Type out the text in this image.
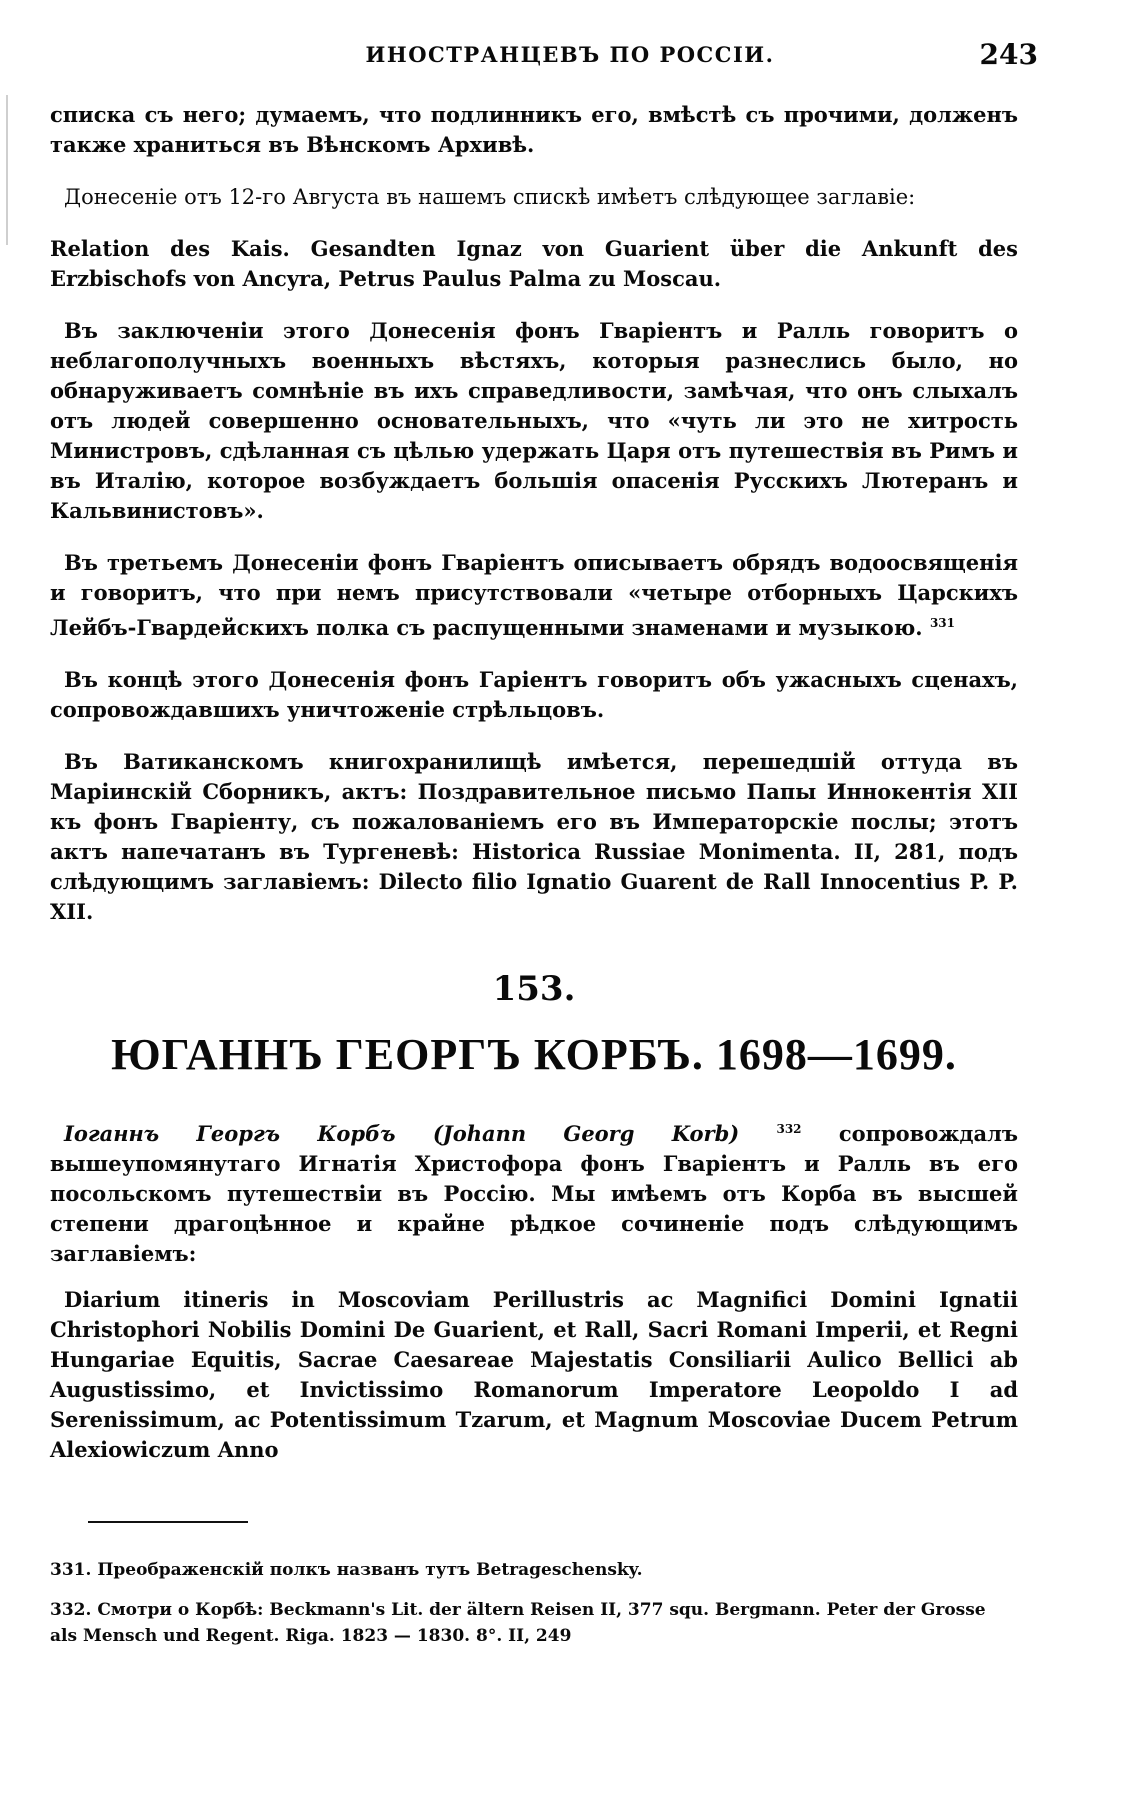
ИНОСТРАНЦЕВЪ ПО РОССІИ.	243

списка съ него; думаемъ, что подлинникъ его, вмѣстѣ съ прочими, долженъ также храниться въ Вѣнскомъ Архивѣ.

Донесеніе отъ 12-го Августа въ нашемъ спискѣ имѣетъ слѣдующее заглавіе:

Relation des Kais. Gesandten Ignaz von Guarient über die Ankunft des Erzbischofs von Ancyra, Petrus Paulus Palma zu Moscau.

Въ заключеніи этого Донесенія фонъ Гваріентъ и Ралль говоритъ о неблагополучныхъ военныхъ вѣстяхъ, которыя разнеслись было, но обнаруживаетъ сомнѣніе въ ихъ справедливости, замѣчая, что онъ слыхалъ отъ людей совершенно основательныхъ, что «чуть ли это не хитрость Министровъ, сдѣланная съ цѣлью удержать Царя отъ путешествія въ Римъ и въ Италію, которое возбуждаетъ большія опасенія Русскихъ Лютеранъ и Кальвинистовъ».

Въ третьемъ Донесеніи фонъ Гваріентъ описываетъ обрядъ водоосвященія и говоритъ, что при немъ присутствовали «четыре отборныхъ Царскихъ Лейбъ-Гвардейскихъ полка съ распущенными знаменами и музыкою. $^{331}$

Въ концѣ этого Донесенія фонъ Гаріентъ говоритъ объ ужасныхъ сценахъ, сопровождавшихъ уничтоженіе стрѣльцовъ.

Въ Ватиканскомъ книгохранилищѣ имѣется, перешедшій оттуда въ Маріинскій Сборникъ, актъ: Поздравительное письмо Папы Иннокентія XII къ фонъ Гваріенту, съ пожалованіемъ его въ Императорскіе послы; этотъ актъ напечатанъ въ Тургеневѣ: Historica Russiae Monimenta. II, 281, подъ слѣдующимъ заглавіемъ: Dilecto filio Ignatio Guarent de Rall Innocentius P. P. XII.

153.
ЮГАННЪ ГЕОРГЪ КОРБЪ. 1698—1699.

Іоганнъ Георгъ Корбъ (Johann Georg Korb)	$^{332}$ сопровождалъ вышеупомянутаго Игнатія Христофора фонъ Гваріентъ и Ралль въ его посольскомъ путешествіи въ Россію. Мы имѣемъ отъ Корба въ высшей степени драгоцѣнное и крайне рѣдкое сочиненіе подъ слѣдующимъ заглавіемъ:

Diarium itineris in Moscoviam Perillustris ac Magnifici Domini Ignatii Christophori Nobilis Domini De Guarient, et Rall, Sacri Romani Imperii, et Regni Hungariae Equitis, Sacrae Caesareae Majestatis Consiliarii Aulico Bellici ab Augustissimo, et Invictissimo Romanorum Imperatore Leopoldo I ad Serenissimum, ac Potentissimum Tzarum, et Magnum Moscoviae Ducem Petrum Alexiowiczum Anno

331. Преображенскій полкъ названъ тутъ Betrageschensky.

332. Смотри о Корбѣ: Beckmann's Lit. der ältern Reisen II, 377 squ. Bergmann. Peter der Grosse als Mensch und Regent. Riga. 1823 — 1830. 8°. II, 249
